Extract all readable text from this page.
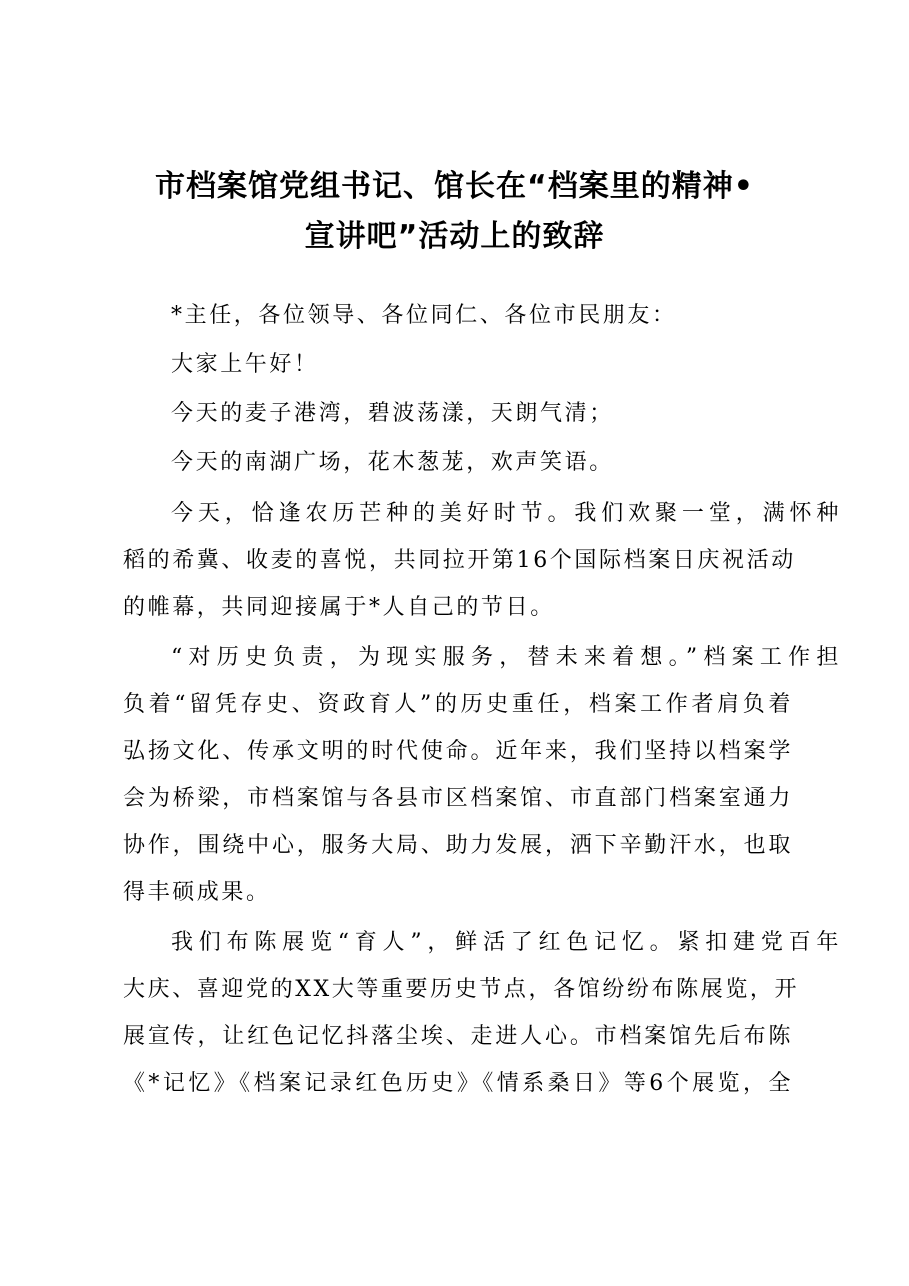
市档案馆党组书记、馆长在“档案里的精神•
宣讲吧”活动上的致辞
*主任，各位领导、各位同仁、各位市民朋友：
大家上午好！
今天的麦子港湾，碧波荡漾，天朗气清；
今天的南湖广场，花木葱茏，欢声笑语。
今天，恰逢农历芒种的美好时节。我们欢聚一堂，满怀种
稻的希冀、收麦的喜悦，共同拉开第16个国际档案日庆祝活动
的帷幕，共同迎接属于*人自己的节日。
“对历史负责，为现实服务，替未来着想。”档案工作担
负着“留凭存史、资政育人”的历史重任，档案工作者肩负着
弘扬文化、传承文明的时代使命。近年来，我们坚持以档案学
会为桥梁，市档案馆与各县市区档案馆、市直部门档案室通力
协作，围绕中心，服务大局、助力发展，洒下辛勤汗水，也取
得丰硕成果。
我们布陈展览“育人”，鲜活了红色记忆。紧扣建党百年
大庆、喜迎党的XX大等重要历史节点，各馆纷纷布陈展览，开
展宣传，让红色记忆抖落尘埃、走进人心。市档案馆先后布陈
《*记忆》《档案记录红色历史》《情系桑日》等6个展览，全
